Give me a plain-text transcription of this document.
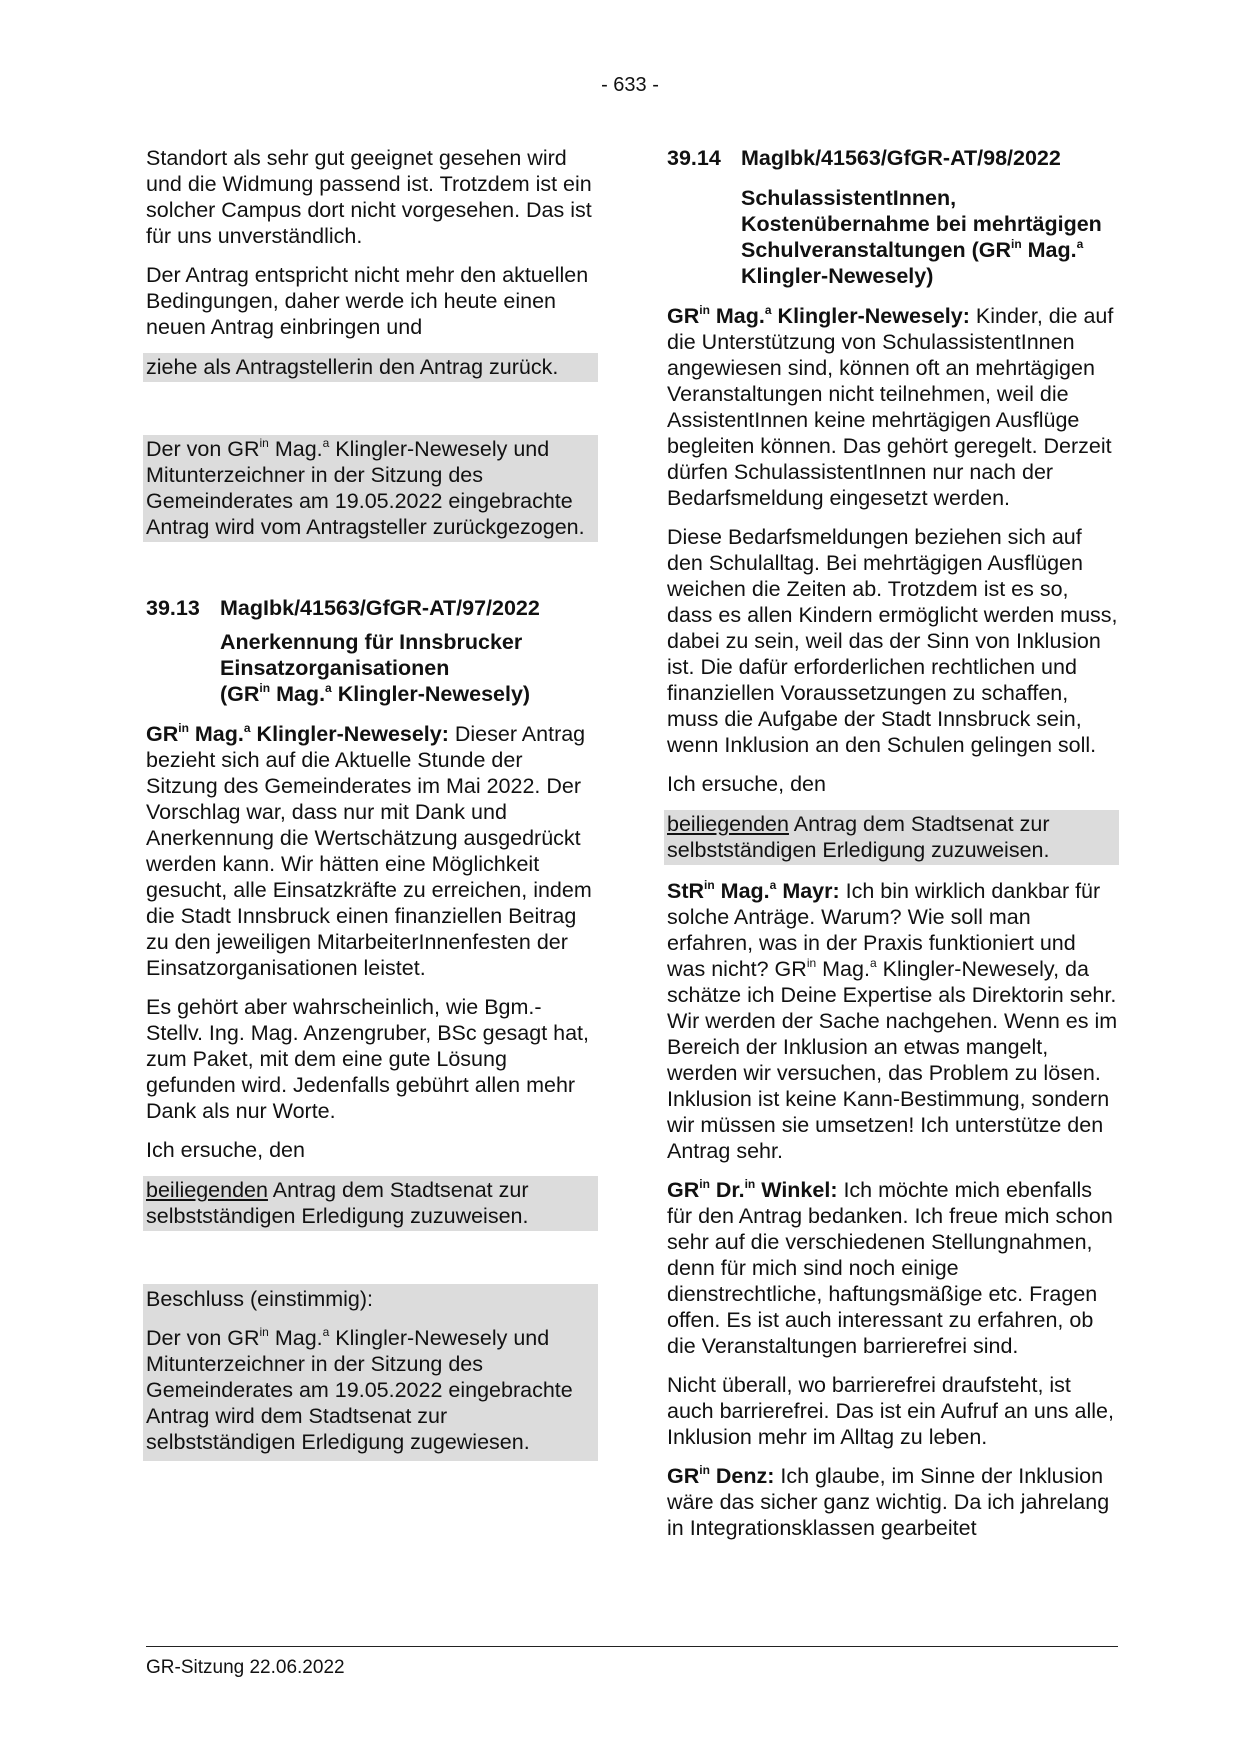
- 633 -

Standort als sehr gut geeignet gesehen wird und die Widmung passend ist. Trotzdem ist ein solcher Campus dort nicht vorgesehen. Das ist für uns unverständlich.

Der Antrag entspricht nicht mehr den aktuellen Bedingungen, daher werde ich heute einen neuen Antrag einbringen und

ziehe als Antragstellerin den Antrag zurück.
Der von $GR^{in}$ Mag.$^a$ Klingler-Newesely und Mitunterzeichner in der Sitzung des Gemeinderates am 19.05.2022 eingebrachte Antrag wird vom Antragsteller zurückgezogen.

39.13 MagIbk/41563/GfGR-AT/97/2022

Anerkennung für Innsbrucker Einsatzorganisationen
($GR^{in}$ Mag.$^a$ Klingler-Newesely)

$GR^{in}$ Mag.$^a$ Klingler-Newesely: Dieser Antrag bezieht sich auf die Aktuelle Stunde der Sitzung des Gemeinderates im Mai 2022. Der Vorschlag war, dass nur mit Dank und Anerkennung die Wertschätzung ausgedrückt werden kann. Wir hätten eine Möglichkeit gesucht, alle Einsatzkräfte zu erreichen, indem die Stadt Innsbruck einen finanziellen Beitrag zu den jeweiligen MitarbeiterInnenfesten der Einsatzorganisationen leistet.

Es gehört aber wahrscheinlich, wie Bgm.-Stellv. Ing. Mag. Anzengruber, BSc gesagt hat, zum Paket, mit dem eine gute Lösung gefunden wird. Jedenfalls gebührt allen mehr Dank als nur Worte.

Ich ersuche, den

beiliegenden Antrag dem Stadtsenat zur selbstständigen Erledigung zuzuweisen.
Beschluss (einstimmig):
Der von $GR^{in}$ Mag.$^a$ Klingler-Newesely und Mitunterzeichner in der Sitzung des Gemeinderates am 19.05.2022 eingebrachte Antrag wird dem Stadtsenat zur selbstständigen Erledigung zugewiesen.

39.14 MagIbk/41563/GfGR-AT/98/2022

SchulassistentInnen, Kostenübernahme bei mehrtägigen Schulveranstaltungen ($GR^{in}$ Mag.$^a$ Klingler-Newesely)

$GR^{in}$ Mag.$^a$ Klingler-Newesely: Kinder, die auf die Unterstützung von SchulassistentInnen angewiesen sind, können oft an mehrtägigen Veranstaltungen nicht teilnehmen, weil die AssistentInnen keine mehrtägigen Ausflüge begleiten können. Das gehört geregelt. Derzeit dürfen SchulassistentInnen nur nach der Bedarfsmeldung eingesetzt werden.

Diese Bedarfsmeldungen beziehen sich auf den Schulalltag. Bei mehrtägigen Ausflügen weichen die Zeiten ab. Trotzdem ist es so, dass es allen Kindern ermöglicht werden muss, dabei zu sein, weil das der Sinn von Inklusion ist. Die dafür erforderlichen rechtlichen und finanziellen Voraussetzungen zu schaffen, muss die Aufgabe der Stadt Innsbruck sein, wenn Inklusion an den Schulen gelingen soll.

Ich ersuche, den

beiliegenden Antrag dem Stadtsenat zur selbstständigen Erledigung zuzuweisen.

StR$^{in}$ Mag.$^a$ Mayr: Ich bin wirklich dankbar für solche Anträge. Warum? Wie soll man erfahren, was in der Praxis funktioniert und was nicht? $GR^{in}$ Mag.$^a$ Klingler-Newesely, da schätze ich Deine Expertise als Direktorin sehr. Wir werden der Sache nachgehen. Wenn es im Bereich der Inklusion an etwas mangelt, werden wir versuchen, das Problem zu lösen. Inklusion ist keine Kann-Bestimmung, sondern wir müssen sie umsetzen! Ich unterstütze den Antrag sehr.

$GR^{in}$ Dr.$^{in}$ Winkel: Ich möchte mich ebenfalls für den Antrag bedanken. Ich freue mich schon sehr auf die verschiedenen Stellungnahmen, denn für mich sind noch einige dienstrechtliche, haftungsmäßige etc. Fragen offen. Es ist auch interessant zu erfahren, ob die Veranstaltungen barrierefrei sind.

Nicht überall, wo barrierefrei draufsteht, ist auch barrierefrei. Das ist ein Aufruf an uns alle, Inklusion mehr im Alltag zu leben.

$GR^{in}$ Denz: Ich glaube, im Sinne der Inklusion wäre das sicher ganz wichtig. Da ich jahrelang in Integrationsklassen gearbeitet

GR-Sitzung 22.06.2022
